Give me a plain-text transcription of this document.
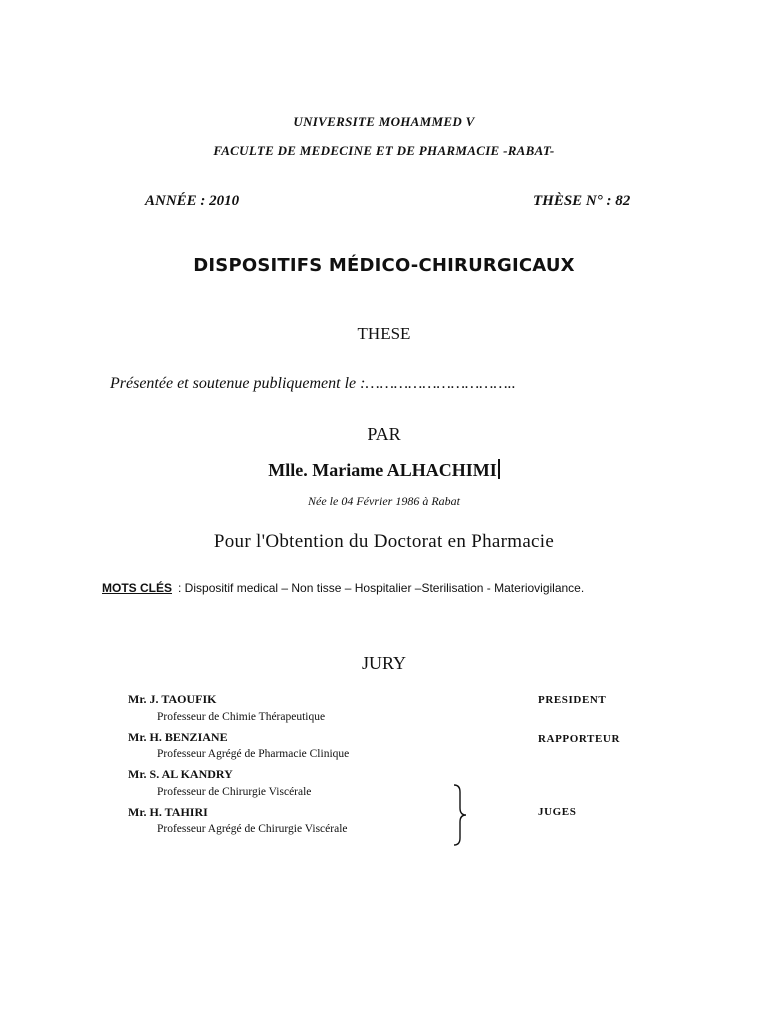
UNIVERSITE MOHAMMED V
FACULTE DE MEDECINE ET DE PHARMACIE -RABAT-
ANNÉE : 2010	THÈSE N° : 82
DISPOSITIFS MÉDICO-CHIRURGICAUX
THESE
Présentée et soutenue publiquement le :…………………………..
PAR
Mlle. Mariame ALHACHIMI
Née le 04 Février 1986 à Rabat
Pour l'Obtention du Doctorat en Pharmacie
MOTS CLÉS : Dispositif medical – Non tisse – Hospitalier –Sterilisation - Materiovigilance.
JURY
Mr. J. TAOUFIK
Professeur de Chimie Thérapeutique
PRESIDENT
Mr. H. BENZIANE
Professeur Agrégé de Pharmacie Clinique
RAPPORTEUR
Mr. S. AL KANDRY
Professeur de Chirurgie Viscérale
Mr. H. TAHIRI
Professeur Agrégé de Chirurgie Viscérale
JUGES
